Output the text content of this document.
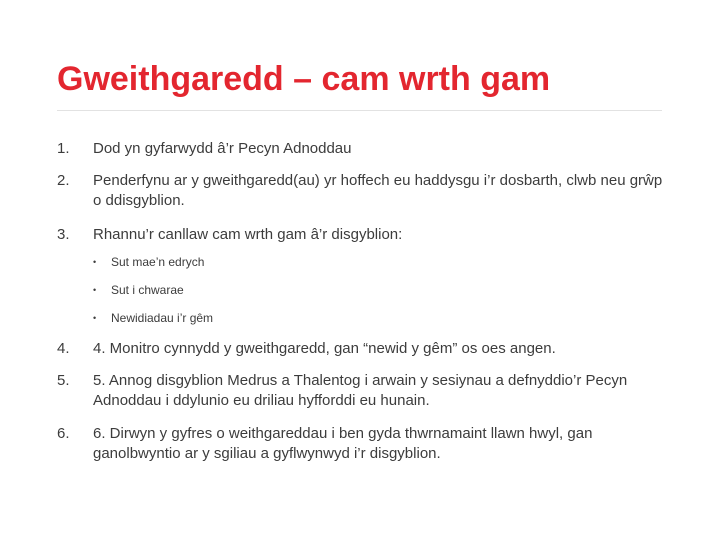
Gweithgaredd – cam wrth gam
1.	Dod yn gyfarwydd â’r Pecyn Adnoddau
2.	Penderfynu ar y gweithgaredd(au) yr hoffech eu haddysgu i’r dosbarth, clwb neu grŵp o ddisgyblion.
3.	Rhannu’r canllaw cam wrth gam â’r disgyblion:
• Sut mae’n edrych
• Sut i chwarae
• Newidiadau i’r gêm
4.	4. Monitro cynnydd y gweithgaredd, gan “newid y gêm” os oes angen.
5.	5. Annog disgyblion Medrus a Thalentog i arwain y sesiynau a defnyddio’r Pecyn Adnoddau i ddylunio eu driliau hyfforddi eu hunain.
6.	6. Dirwyn y gyfres o weithgareddau i ben gyda thwrnamaint llawn hwyl, gan ganolbwyntio ar y sgiliau a gyflwynwyd i’r disgyblion.
